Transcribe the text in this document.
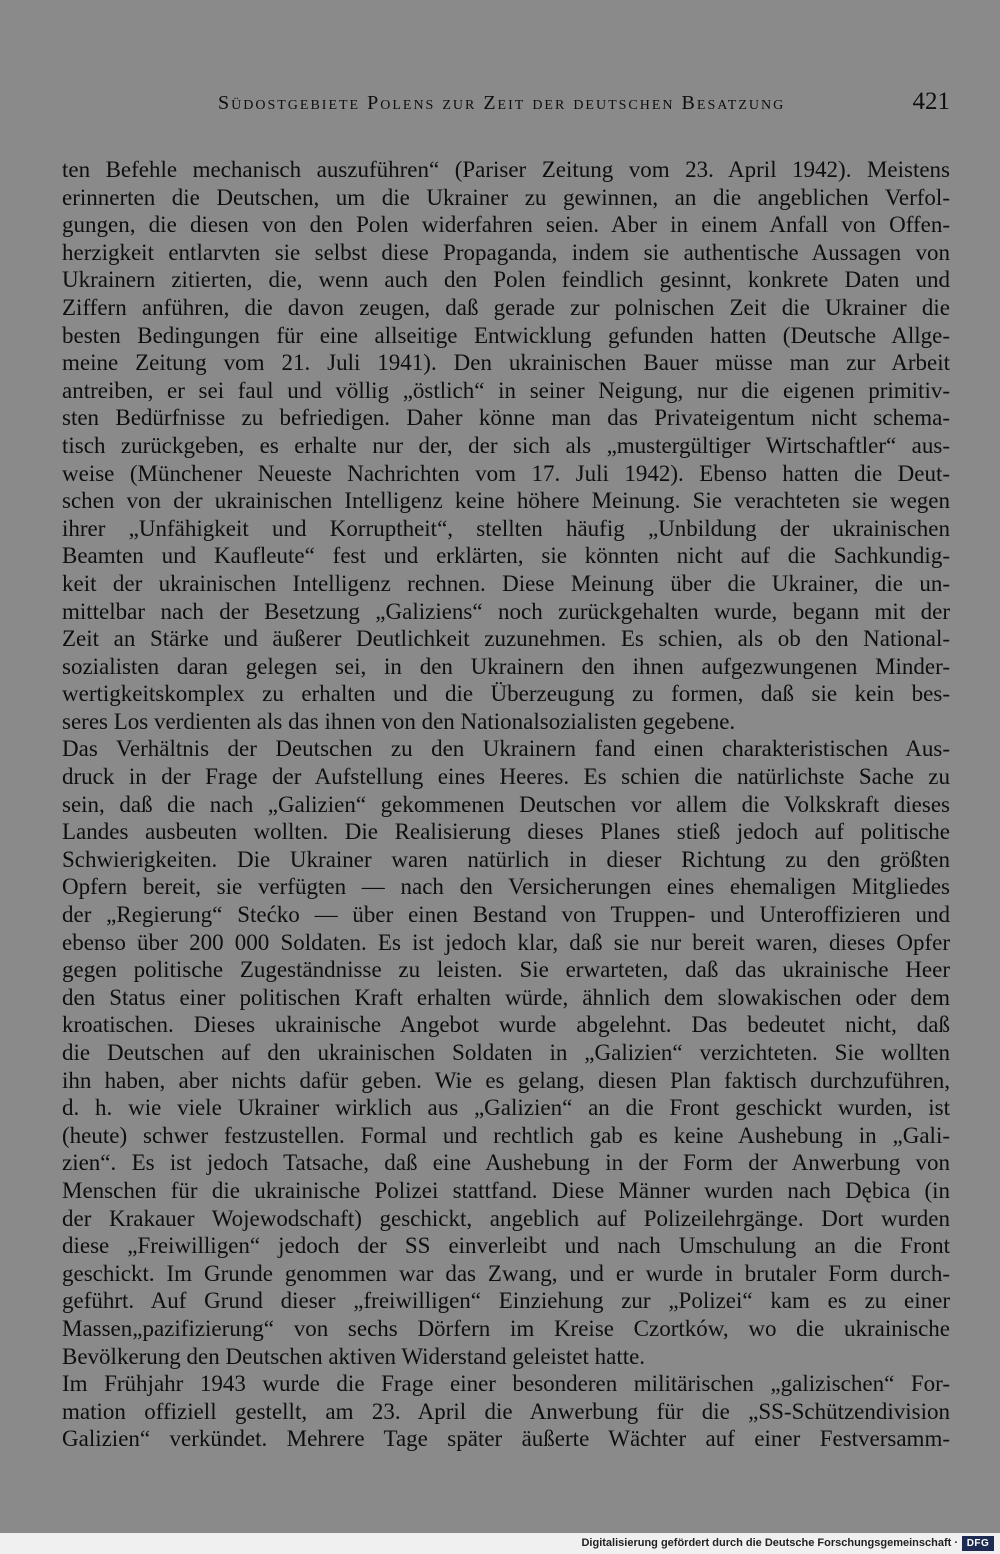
Südostgebiete Polens zur Zeit der deutschen Besatzung	421
ten Befehle mechanisch auszuführen“ (Pariser Zeitung vom 23. April 1942). Meistens
erinnerten die Deutschen, um die Ukrainer zu gewinnen, an die angeblichen Verfol-
gungen, die diesen von den Polen widerfahren seien. Aber in einem Anfall von Offen-
herzigkeit entlarvten sie selbst diese Propaganda, indem sie authentische Aussagen von
Ukrainern zitierten, die, wenn auch den Polen feindlich gesinnt, konkrete Daten und
Ziffern anführen, die davon zeugen, daß gerade zur polnischen Zeit die Ukrainer die
besten Bedingungen für eine allseitige Entwicklung gefunden hatten (Deutsche Allge-
meine Zeitung vom 21. Juli 1941). Den ukrainischen Bauer müsse man zur Arbeit
antreiben, er sei faul und völlig „östlich“ in seiner Neigung, nur die eigenen primitiv-
sten Bedürfnisse zu befriedigen. Daher könne man das Privateigentum nicht schema-
tisch zurückgeben, es erhalte nur der, der sich als „mustergültiger Wirtschaftler“ aus-
weise (Münchener Neueste Nachrichten vom 17. Juli 1942). Ebenso hatten die Deut-
schen von der ukrainischen Intelligenz keine höhere Meinung. Sie verachteten sie wegen
ihrer „Unfähigkeit und Korruptheit“, stellten häufig „Unbildung der ukrainischen
Beamten und Kaufleute“ fest und erklärten, sie könnten nicht auf die Sachkundig-
keit der ukrainischen Intelligenz rechnen. Diese Meinung über die Ukrainer, die un-
mittelbar nach der Besetzung „Galiziens“ noch zurückgehalten wurde, begann mit der
Zeit an Stärke und äußerer Deutlichkeit zuzunehmen. Es schien, als ob den National-
sozialisten daran gelegen sei, in den Ukrainern den ihnen aufgezwungenen Minder-
wertigkeitskomplex zu erhalten und die Überzeugung zu formen, daß sie kein bes-
seres Los verdienten als das ihnen von den Nationalsozialisten gegebene.
Das Verhältnis der Deutschen zu den Ukrainern fand einen charakteristischen Aus-
druck in der Frage der Aufstellung eines Heeres. Es schien die natürlichste Sache zu
sein, daß die nach „Galizien“ gekommenen Deutschen vor allem die Volkskraft dieses
Landes ausbeuten wollten. Die Realisierung dieses Planes stieß jedoch auf politische
Schwierigkeiten. Die Ukrainer waren natürlich in dieser Richtung zu den größten
Opfern bereit, sie verfügten — nach den Versicherungen eines ehemaligen Mitgliedes
der „Regierung“ Stećko — über einen Bestand von Truppen- und Unteroffizieren und
ebenso über 200 000 Soldaten. Es ist jedoch klar, daß sie nur bereit waren, dieses Opfer
gegen politische Zugeständnisse zu leisten. Sie erwarteten, daß das ukrainische Heer
den Status einer politischen Kraft erhalten würde, ähnlich dem slowakischen oder dem
kroatischen. Dieses ukrainische Angebot wurde abgelehnt. Das bedeutet nicht, daß
die Deutschen auf den ukrainischen Soldaten in „Galizien“ verzichteten. Sie wollten
ihn haben, aber nichts dafür geben. Wie es gelang, diesen Plan faktisch durchzuführen,
d. h. wie viele Ukrainer wirklich aus „Galizien“ an die Front geschickt wurden, ist
(heute) schwer festzustellen. Formal und rechtlich gab es keine Aushebung in „Gali-
zien“. Es ist jedoch Tatsache, daß eine Aushebung in der Form der Anwerbung von
Menschen für die ukrainische Polizei stattfand. Diese Männer wurden nach Dębica (in
der Krakauer Wojewodschaft) geschickt, angeblich auf Polizeilehrgänge. Dort wurden
diese „Freiwilligen“ jedoch der SS einverleibt und nach Umschulung an die Front
geschickt. Im Grunde genommen war das Zwang, und er wurde in brutaler Form durch-
geführt. Auf Grund dieser „freiwilligen“ Einziehung zur „Polizei“ kam es zu einer
Massen„pazifizierung“ von sechs Dörfern im Kreise Czortków, wo die ukrainische
Bevölkerung den Deutschen aktiven Widerstand geleistet hatte.
Im Frühjahr 1943 wurde die Frage einer besonderen militärischen „galizischen“ For-
mation offiziell gestellt, am 23. April die Anwerbung für die „SS-Schützendivision
Galizien“ verkündet. Mehrere Tage später äußerte Wächter auf einer Festversamm-
Digitalisierung gefördert durch die Deutsche Forschungsgemeinschaft · DFG
